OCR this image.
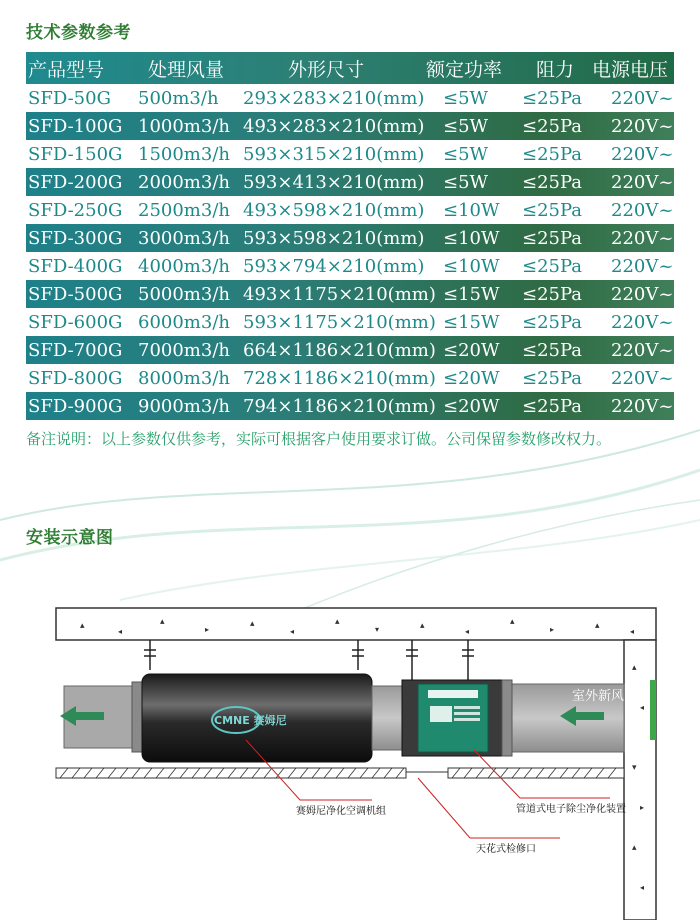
技术参数参考
产品型号 处理风量	外形尺寸	额定功率 阻力 电源电压
SFD-50G 500m3/h 293×283×210(mm) ≤5W ≤25Pa 220V~
SFD-100G 1000m3/h 493×283×210(mm) ≤5W ≤25Pa 220V~
SFD-150G 1500m3/h 593×315×210(mm) ≤5W ≤25Pa 220V~
SFD-200G 2000m3/h 593×413×210(mm) ≤5W ≤25Pa 220V~
SFD-250G 2500m3/h 493×598×210(mm) ≤10W ≤25Pa 220V~
SFD-300G 3000m3/h 593×598×210(mm) ≤10W ≤25Pa 220V~
SFD-400G 4000m3/h 593×794×210(mm) ≤10W ≤25Pa 220V~
SFD-500G 5000m3/h 493×1175×210(mm) ≤15W ≤25Pa 220V~
SFD-600G 6000m3/h 593×1175×210(mm) ≤15W ≤25Pa 220V~
SFD-700G 7000m3/h 664×1186×210(mm) ≤20W ≤25Pa 220V~
SFD-800G 8000m3/h 728×1186×210(mm) ≤20W ≤25Pa 220V~
SFD-900G 9000m3/h 794×1186×210(mm) ≤20W ≤25Pa 220V~
备注说明：以上参数仅供参考，实际可根据客户使用要求订做。公司保留参数修改权力。
安装示意图
▴
◂
▴
▸
▴
◂
▴
▾	▴
◂
▴
▸	▴
◂
▴
◂
▾
▸
▴
◂
CMNE 赛姆尼
室外新风
赛姆尼净化空调机组	管道式电子除尘净化装置
天花式检修口
